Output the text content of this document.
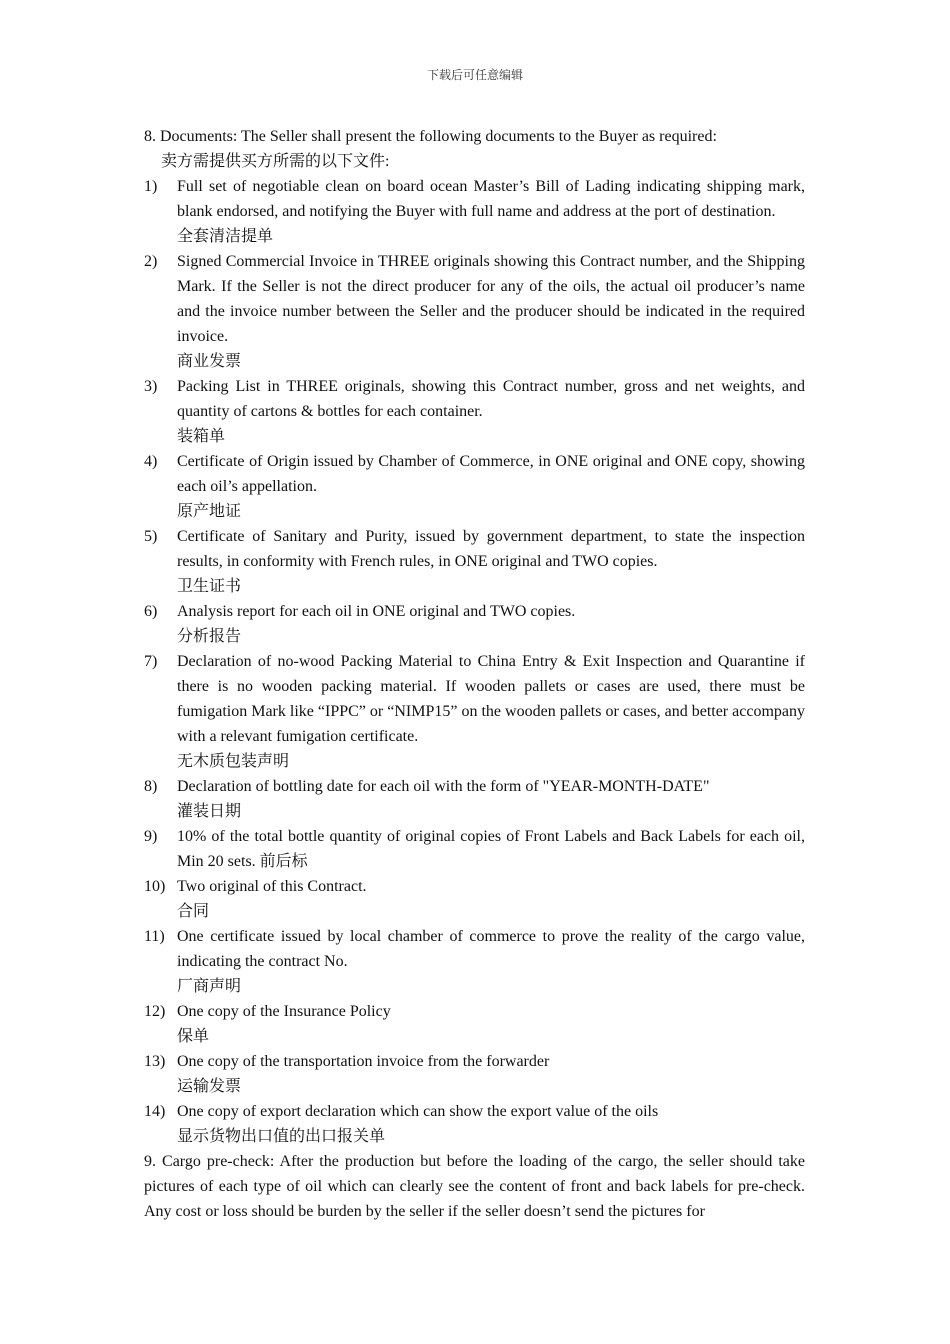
下载后可任意编辑

8. Documents: The Seller shall present the following documents to the Buyer as required:

卖方需提供买方所需的以下文件:

1) Full set of negotiable clean on board ocean Master’s Bill of Lading indicating shipping mark, blank endorsed, and notifying the Buyer with full name and address at the port of destination.

全套清洁提单

2) Signed Commercial Invoice in THREE originals showing this Contract number, and the Shipping Mark. If the Seller is not the direct producer for any of the oils, the actual oil producer’s name and the invoice number between the Seller and the producer should be indicated in the required invoice.

商业发票

3) Packing List in THREE originals, showing this Contract number, gross and net weights, and quantity of cartons & bottles for each container.

装箱单

4) Certificate of Origin issued by Chamber of Commerce, in ONE original and ONE copy, showing each oil’s appellation.

原产地证

5) Certificate of Sanitary and Purity, issued by government department, to state the inspection results, in conformity with French rules, in ONE original and TWO copies.

卫生证书

6) Analysis report for each oil in ONE original and TWO copies.

分析报告

7) Declaration of no-wood Packing Material to China Entry & Exit Inspection and Quarantine if there is no wooden packing material. If wooden pallets or cases are used, there must be fumigation Mark like “IPPC” or “NIMP15” on the wooden pallets or cases, and better accompany with a relevant fumigation certificate.

无木质包装声明

8) Declaration of bottling date for each oil with the form of "YEAR-MONTH-DATE"

灌装日期

9) 10% of the total bottle quantity of original copies of Front Labels and Back Labels for each oil, Min 20 sets. 前后标

10) Two original of this Contract.

合同

11) One certificate issued by local chamber of commerce to prove the reality of the cargo value, indicating the contract No.

厂商声明

12) One copy of the Insurance Policy

保单

13) One copy of the transportation invoice from the forwarder

运输发票

14) One copy of export declaration which can show the export value of the oils

显示货物出口值的出口报关单

9. Cargo pre-check: After the production but before the loading of the cargo, the seller should take pictures of each type of oil which can clearly see the content of front and back labels for pre-check. Any cost or loss should be burden by the seller if the seller doesn’t send the pictures for
